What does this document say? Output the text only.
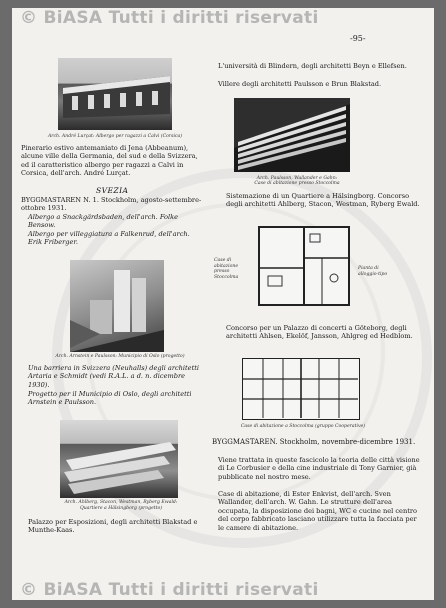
© BiASA Tutti i diritti riservati
-95-
Arch. André Lurçat: Albergo per ragazzi a Calvi (Corsica)
Pinerario estivo antemaniato di Jena (Abbeanum), alcune ville della Germania, del sud e della Svizzera, ed il caratteristico albergo per ragazzi a Calvi in Corsica, dell'arch. André Lurçat.
SVEZIA
BYGGMASTAREN N. 1. Stockholm, agosto-settembre-ottobre 1931.
Albergo a Snackgärdsbaden, dell'arch. Folke Bensow.
Albergo per villeggiatura a Falkenrud, dell'arch. Erik Friberger.
Arch. Arnstein e Paulsson: Municipio di Oslo (progetto)
Una barriera in Svizzera (Neuhalls) degli architetti Artaria e Schmidt (vedi R.A.L. a d. n. dicembre 1930).
Progetto per il Municipio di Oslo, degli architetti Arnstein e Paulsson.
Arch. Ahlberg, Stacon, Westman, Ryberg Ewald:
Quartiere a Hälsingborg (progetto)
Palazzo per Esposizioni, degli architetti Blakstad e Munthe-Kaas.
L'università di Blindern, degli architetti Beyn e Ellefsen.
Villere degli architetti Paulsson e Brun Blakstad.
Arch. Paulsson, Wallander e Gahn:
Case di abitazione presso Stoccolma
Sistemazione di un Quartiere a Hälsingborg. Concorso degli architetti Ahlberg, Stacon, Westman, Ryberg Ewald.
Case di abitazione presso Stoccolma
Pianta di alloggio-tipo
Concorso per un Palazzo di concerti a Göteborg, degli architetti Ahlsen, Ekelöf, Jansson, Ahlgreg ed Hedblom.
Case di abitazione a Stoccolma (gruppo Cooperative)
BYGGMASTAREN. Stockholm, novembre-dicembre 1931.
Viene trattata in queste fascicolo la teoria delle città visione di Le Corbusier e della cine industriale di Tony Garnier, già pubblicate nel nostro mese.
Case di abitazione, di Ester Enkvist, dell'arch. Sven Wallander, dell'arch. W. Gahn. Le strutture dell'area occupata, la disposizione dei bagni, WC e cucine nel centro del corpo fabbricato lasciano utilizzare tutta la facciata per le camere di abitazione.
© BiASA Tutti i diritti riservati
